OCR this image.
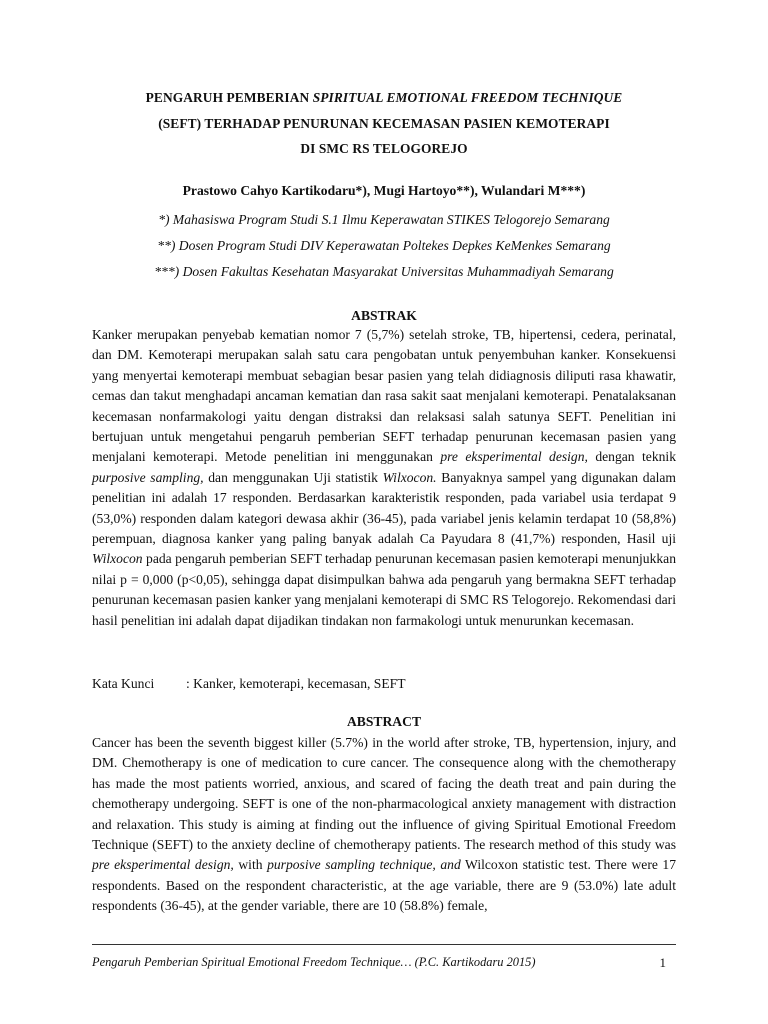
PENGARUH PEMBERIAN SPIRITUAL EMOTIONAL FREEDOM TECHNIQUE
(SEFT) TERHADAP PENURUNAN KECEMASAN PASIEN KEMOTERAPI
DI SMC RS TELOGOREJO
Prastowo Cahyo Kartikodaru*), Mugi Hartoyo**), Wulandari M***)
*) Mahasiswa Program Studi S.1 Ilmu Keperawatan STIKES Telogorejo Semarang
**) Dosen Program Studi DIV Keperawatan Poltekes Depkes KeMenkes Semarang
***) Dosen Fakultas Kesehatan Masyarakat Universitas Muhammadiyah Semarang
ABSTRAK

Kanker merupakan penyebab kematian nomor 7 (5,7%) setelah stroke, TB, hipertensi, cedera, perinatal, dan DM. Kemoterapi merupakan salah satu cara pengobatan untuk penyembuhan kanker. Konsekuensi yang menyertai kemoterapi membuat sebagian besar pasien yang telah didiagnosis diliputi rasa khawatir, cemas dan takut menghadapi ancaman kematian dan rasa sakit saat menjalani kemoterapi. Penatalaksanan kecemasan nonfarmakologi yaitu dengan distraksi dan relaksasi salah satunya SEFT. Penelitian ini bertujuan untuk mengetahui pengaruh pemberian SEFT terhadap penurunan kecemasan pasien yang menjalani kemoterapi. Metode penelitian ini menggunakan pre eksperimental design, dengan teknik purposive sampling, dan menggunakan Uji statistik Wilxocon. Banyaknya sampel yang digunakan dalam penelitian ini adalah 17 responden. Berdasarkan karakteristik responden, pada variabel usia terdapat 9 (53,0%) responden dalam kategori dewasa akhir (36-45), pada variabel jenis kelamin terdapat 10 (58,8%) perempuan, diagnosa kanker yang paling banyak adalah Ca Payudara 8 (41,7%) responden, Hasil uji Wilxocon pada pengaruh pemberian SEFT terhadap penurunan kecemasan pasien kemoterapi menunjukkan nilai p = 0,000 (p<0,05), sehingga dapat disimpulkan bahwa ada pengaruh yang bermakna SEFT terhadap penurunan kecemasan pasien kanker yang menjalani kemoterapi di SMC RS Telogorejo. Rekomendasi dari hasil penelitian ini adalah dapat dijadikan tindakan non farmakologi untuk menurunkan kecemasan.

Kata Kunci : Kanker, kemoterapi, kecemasan, SEFT
ABSTRACT

Cancer has been the seventh biggest killer (5.7%) in the world after stroke, TB, hypertension, injury, and DM. Chemotherapy is one of medication to cure cancer. The consequence along with the chemotherapy has made the most patients worried, anxious, and scared of facing the death treat and pain during the chemotherapy undergoing. SEFT is one of the non-pharmacological anxiety management with distraction and relaxation. This study is aiming at finding out the influence of giving Spiritual Emotional Freedom Technique (SEFT) to the anxiety decline of chemotherapy patients. The research method of this study was pre eksperimental design, with purposive sampling technique, and Wilcoxon statistic test. There were 17 respondents. Based on the respondent characteristic, at the age variable, there are 9 (53.0%) late adult respondents (36-45), at the gender variable, there are 10 (58.8%) female,

Pengaruh Pemberian Spiritual Emotional Freedom Technique… (P.C. Kartikodaru 2015)	1
